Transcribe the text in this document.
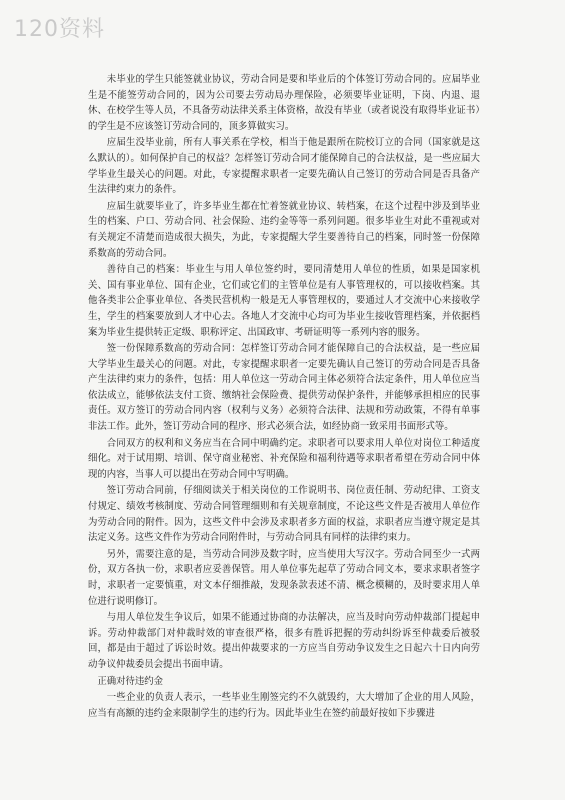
120资料

未毕业的学生只能签就业协议，劳动合同是要和毕业后的个体签订劳动合同的。应届毕业生是不能签劳动合同的，因为公司要去劳动局办理保险，必须要毕业证明，下岗、内退、退休、在校学生等人员，不具备劳动法律关系主体资格，故没有毕业（或者说没有取得毕业证书）的学生是不应该签订劳动合同的，顶多算做实习。

应届生没毕业前，所有人事关系在学校，相当于他是跟所在院校订立的合同（国家就是这么默认的）。如何保护自己的权益？怎样签订劳动合同才能保障自己的合法权益，是一些应届大学毕业生最关心的问题。对此，专家提醒求职者一定要先确认自己签订的劳动合同是否具备产生法律约束力的条件。

应届生就要毕业了，许多毕业生都在忙着签就业协议、转档案，在这个过程中涉及到毕业生的档案、户口、劳动合同、社会保险、违约金等等一系列问题。很多毕业生对此不重视或对有关规定不清楚而造成很大损失，为此，专家提醒大学生要善待自己的档案，同时签一份保障系数高的劳动合同。

善待自己的档案：毕业生与用人单位签约时，要同清楚用人单位的性质，如果是国家机关、国有事业单位、国有企业，它们或它们的主管单位是有人事管理权的，可以接收档案。其他各类非公企事业单位、各类民营机构一般是无人事管理权的，要通过人才交流中心来接收学生，学生的档案要放到人才中心去。各地人才交流中心均可为毕业生接收管理档案，并依据档案为毕业生提供转正定级、职称评定、出国政审、考研证明等一系列内容的服务。

签一份保障系数高的劳动合同：怎样签订劳动合同才能保障自己的合法权益，是一些应届大学毕业生最关心的问题。对此，专家提醒求职者一定要先确认自己签订的劳动合同是否具备产生法律约束力的条件，包括：用人单位这一劳动合同主体必须符合法定条件，用人单位应当依法成立，能够依法支付工资、缴纳社会保险费、提供劳动保护条件，并能够承担相应的民事责任。双方签订的劳动合同内容（权利与义务）必须符合法律、法规和劳动政策，不得有单事非法工作。此外，签订劳动合同的程序、形式必须合法，如经协商一致采用书面形式等。

合同双方的权利和义务应当在合同中明确约定。求职者可以要求用人单位对岗位工种适度细化。对于试用期、培训、保守商业秘密、补充保险和福利待遇等求职者希望在劳动合同中体现的内容，当事人可以提出在劳动合同中写明确。

签订劳动合同前，仔细阅读关于相关岗位的工作说明书、岗位责任制、劳动纪律、工资支付规定、绩效考核制度、劳动合同管理细则和有关规章制度，不论这些文件是否被用人单位作为劳动合同的附件。因为，这些文件中会涉及求职者多方面的权益，求职者应当遵守规定是其法定义务。这些文件作为劳动合同附件时，与劳动合同具有同样的法律约束力。

另外，需要注意的是，当劳动合同涉及数字时，应当使用大写汉字。劳动合同至少一式两份，双方各执一份，求职者应妥善保管。用人单位事先起草了劳动合同文本，要求求职者签字时，求职者一定要慎重，对文本仔细推敲，发现条款表述不清、概念模糊的，及时要求用人单位进行说明修订。

与用人单位发生争议后，如果不能通过协商的办法解决，应当及时向劳动仲裁部门提起申诉。劳动仲裁部门对仲裁时效的审查很严格，很多有胜诉把握的劳动纠纷诉至仲裁委后被驳回，都是由于超过了诉讼时效。提出仲裁要求的一方应当自劳动争议发生之日起六十日内向劳动争议仲裁委员会提出书面申请。

正确对待违约金

一些企业的负责人表示，一些毕业生刚签完约不久就毁约，大大增加了企业的用人风险，应当有高额的违约金来限制学生的违约行为。因此毕业生在签约前最好按如下步骤进
